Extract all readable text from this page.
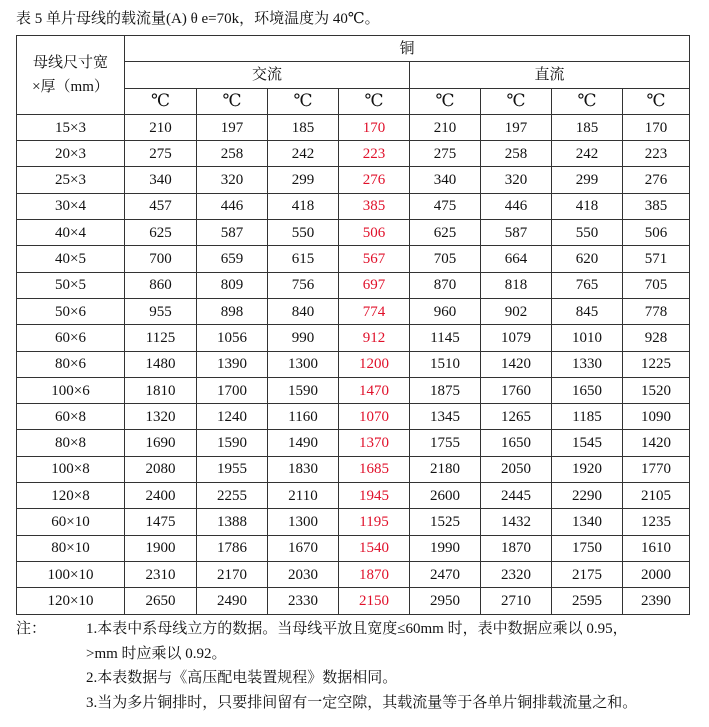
表 5 单片母线的载流量(A) θ e=70k，环境温度为 40℃。
母线尺寸宽
×厚（mm）	铜							
	交流				直流			
	℃	℃	℃	℃	℃	℃	℃	℃
15×3	210	197	185	170	210	197	185	170
20×3	275	258	242	223	275	258	242	223
25×3	340	320	299	276	340	320	299	276
30×4	457	446	418	385	475	446	418	385
40×4	625	587	550	506	625	587	550	506
40×5	700	659	615	567	705	664	620	571
50×5	860	809	756	697	870	818	765	705
50×6	955	898	840	774	960	902	845	778
60×6	1125	1056	990	912	1145	1079	1010	928
80×6	1480	1390	1300	1200	1510	1420	1330	1225
100×6	1810	1700	1590	1470	1875	1760	1650	1520
60×8	1320	1240	1160	1070	1345	1265	1185	1090
80×8	1690	1590	1490	1370	1755	1650	1545	1420
100×8	2080	1955	1830	1685	2180	2050	1920	1770
120×8	2400	2255	2110	1945	2600	2445	2290	2105
60×10	1475	1388	1300	1195	1525	1432	1340	1235
80×10	1900	1786	1670	1540	1990	1870	1750	1610
100×10	2310	2170	2030	1870	2470	2320	2175	2000
120×10	2650	2490	2330	2150	2950	2710	2595	2390
注：	1.本表中系母线立方的数据。当母线平放且宽度≤60mm 时，表中数据应乘以 0.95，
>mm 时应乘以 0.92。
2.本表数据与《高压配电装置规程》数据相同。
3.当为多片铜排时，只要排间留有一定空隙，其载流量等于各单片铜排载流量之和。
